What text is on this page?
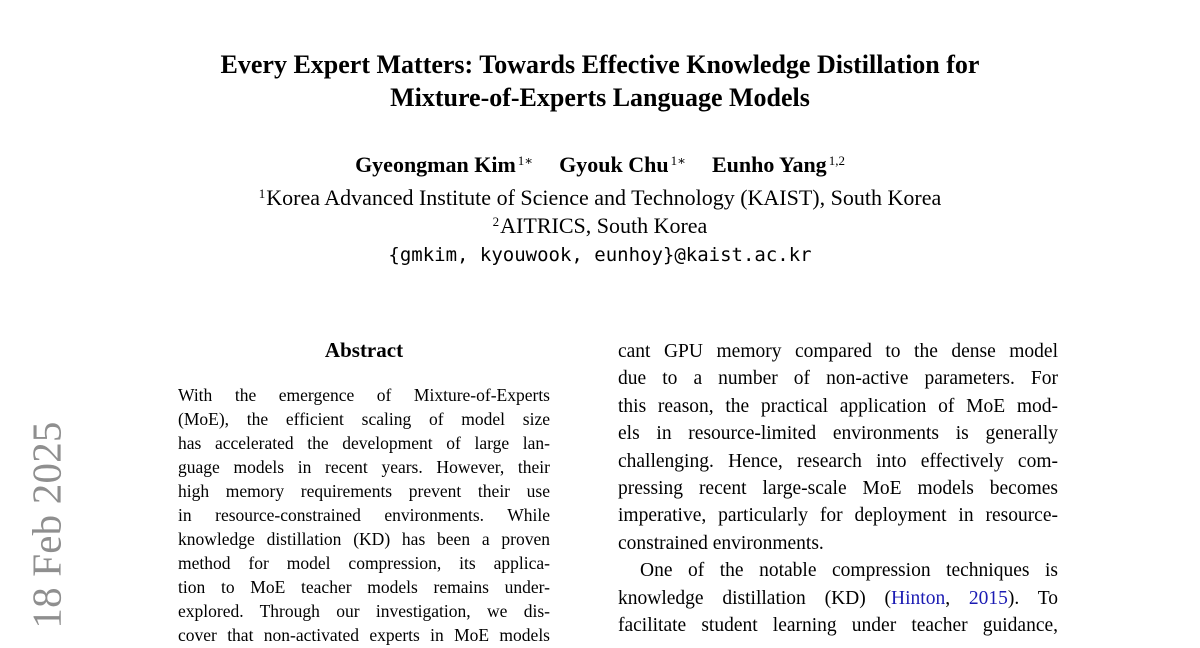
18 Feb 2025
Every Expert Matters: Towards Effective Knowledge Distillation for
Mixture-of-Experts Language Models
Gyeongman Kim $^{1∗}$ Gyouk Chu $^{1∗}$ Eunho Yang $^{1,2}$
$^1$Korea Advanced Institute of Science and Technology (KAIST), South Korea
$^2$AITRICS, South Korea
{gmkim, kyouwook, eunhoy}@kaist.ac.kr
Abstract
With the emergence of Mixture-of-Experts
(MoE), the efficient scaling of model size
has accelerated the development of large lan-
guage models in recent years. However, their
high memory requirements prevent their use
in resource-constrained environments. While
knowledge distillation (KD) has been a proven
method for model compression, its applica-
tion to MoE teacher models remains under-
explored. Through our investigation, we dis-
cover that non-activated experts in MoE models
cant GPU memory compared to the dense model
due to a number of non-active parameters. For
this reason, the practical application of MoE mod-
els in resource-limited environments is generally
challenging. Hence, research into effectively com-
pressing recent large-scale MoE models becomes
imperative, particularly for deployment in resource-
constrained environments.
One of the notable compression techniques is
knowledge distillation (KD) (Hinton, 2015). To
facilitate student learning under teacher guidance,
